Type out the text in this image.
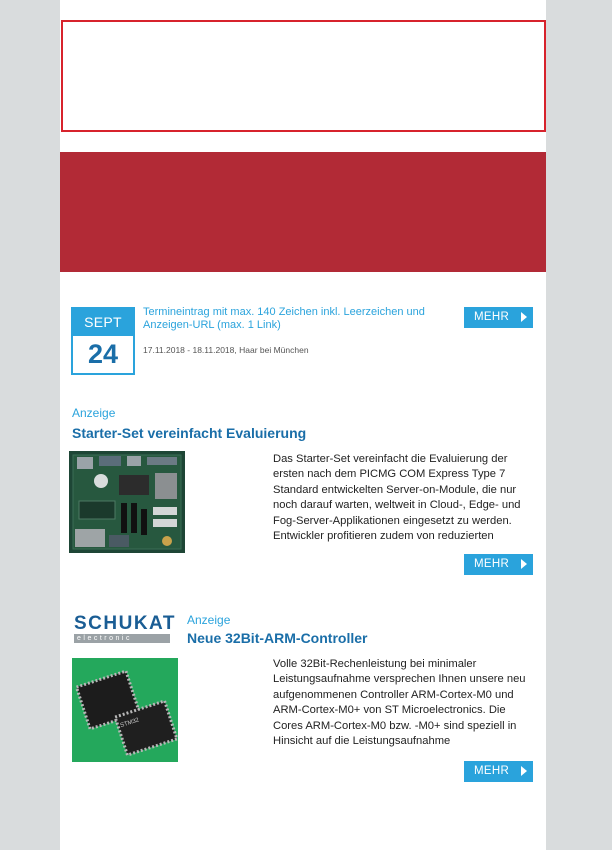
SEPT
24
Termineintrag mit max. 140 Zeichen inkl. Leerzeichen und Anzeigen-URL (max. 1 Link)
17.11.2018 - 18.11.2018, Haar bei München
MEHR
Anzeige
Starter-Set vereinfacht Evaluierung
Das Starter-Set vereinfacht die Evaluierung der ersten nach dem PICMG COM Express Type 7 Standard entwickelten Server-on-Module, die nur noch darauf warten, weltweit in Cloud-, Edge- und Fog-Server-Applikationen eingesetzt zu werden. Entwickler profitieren zudem von reduzierten
MEHR
SCHUKAT
electronic
Anzeige
Neue 32Bit-ARM-Controller
STM32
Volle 32Bit-Rechenleistung bei minimaler Leistungsaufnahme versprechen Ihnen unsere neu aufgenommenen Controller ARM-Cortex-M0 und ARM-Cortex-M0+ von ST Microelectronics. Die Cores ARM-Cortex-M0 bzw. -M0+ sind speziell in Hinsicht auf die Leistungsaufnahme
MEHR
